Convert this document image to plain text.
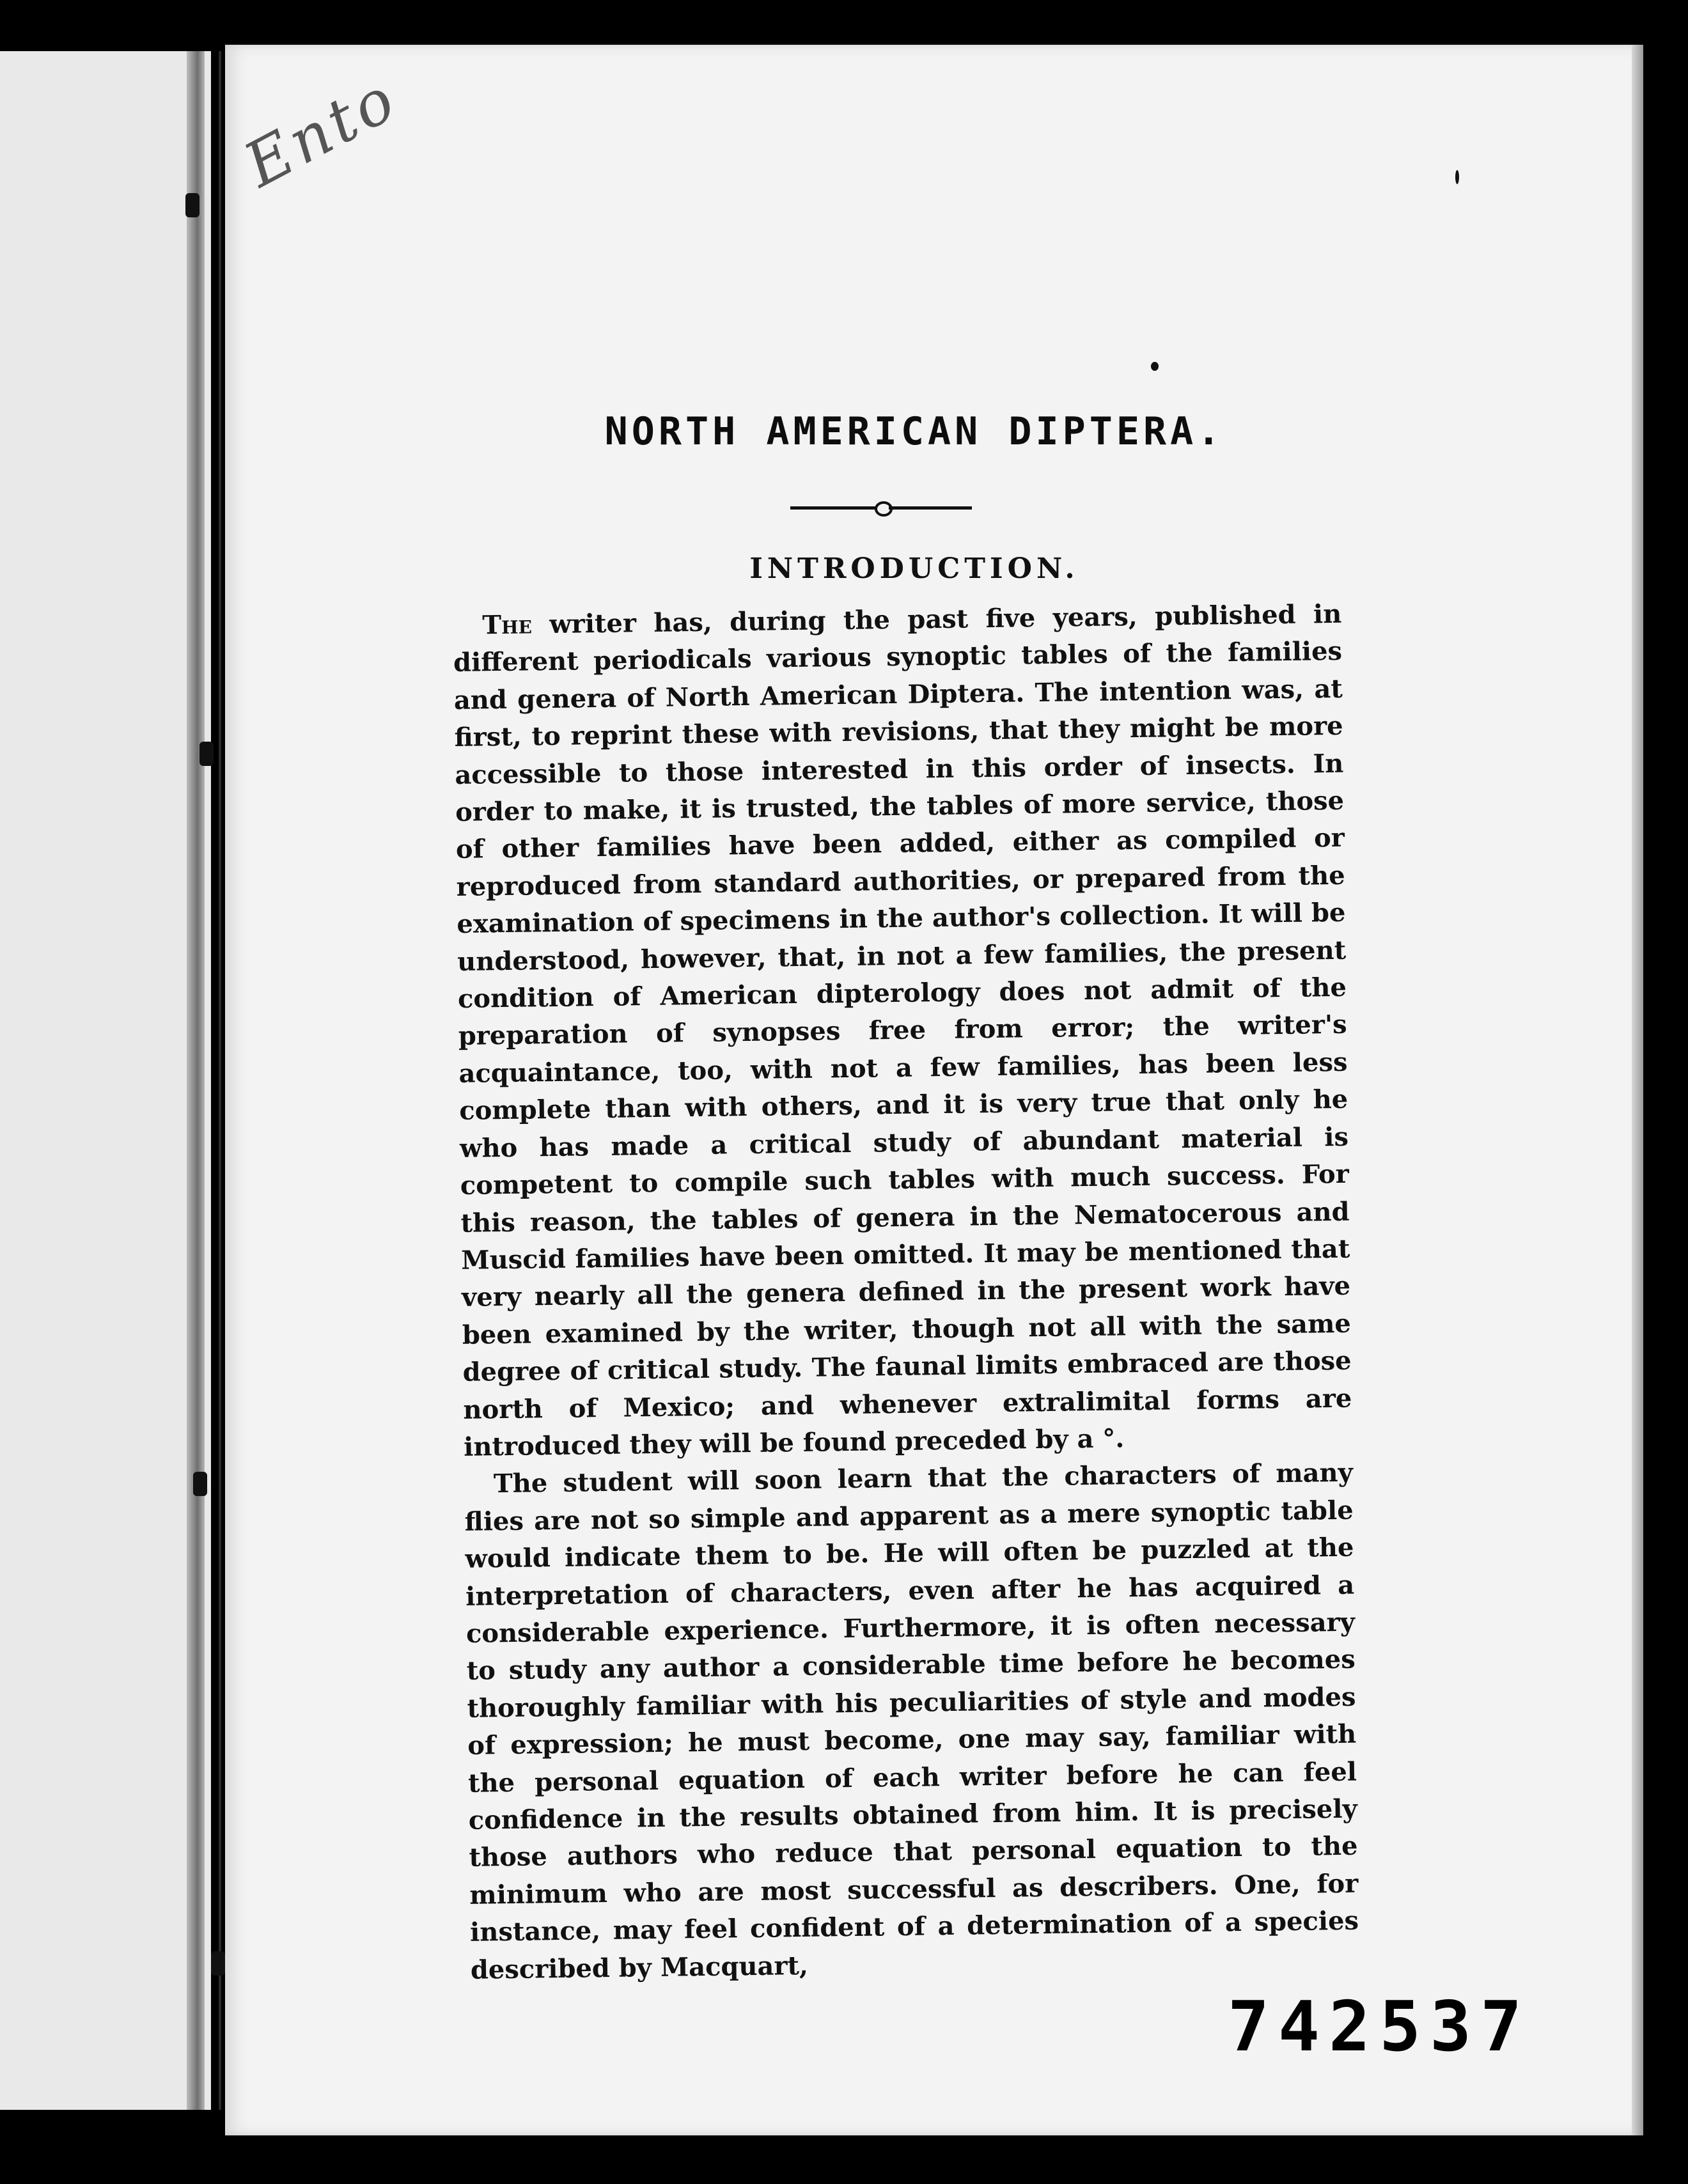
Ento
NORTH AMERICAN DIPTERA.
INTRODUCTION.

The writer has, during the past five years, published in different periodicals various synoptic tables of the families and genera of North American Diptera. The intention was, at first, to reprint these with revisions, that they might be more accessible to those interested in this order of insects. In order to make, it is trusted, the tables of more service, those of other families have been added, either as compiled or reproduced from standard authorities, or prepared from the examination of specimens in the author's collection. It will be understood, however, that, in not a few families, the present condition of American dipterology does not admit of the preparation of synopses free from error; the writer's acquaintance, too, with not a few families, has been less complete than with others, and it is very true that only he who has made a critical study of abundant material is competent to compile such tables with much success. For this reason, the tables of genera in the Nematocerous and Muscid families have been omitted. It may be mentioned that very nearly all the genera defined in the present work have been examined by the writer, though not all with the same degree of critical study. The faunal limits embraced are those north of Mexico; and whenever extralimital forms are introduced they will be found preceded by a °.

The student will soon learn that the characters of many flies are not so simple and apparent as a mere synoptic table would indicate them to be. He will often be puzzled at the interpretation of characters, even after he has acquired a considerable experience. Furthermore, it is often necessary to study any author a considerable time before he becomes thoroughly familiar with his peculiarities of style and modes of expression; he must become, one may say, familiar with the personal equation of each writer before he can feel confidence in the results obtained from him. It is precisely those authors who reduce that personal equation to the minimum who are most successful as describers. One, for instance, may feel confident of a determination of a species described by Macquart,

742537
